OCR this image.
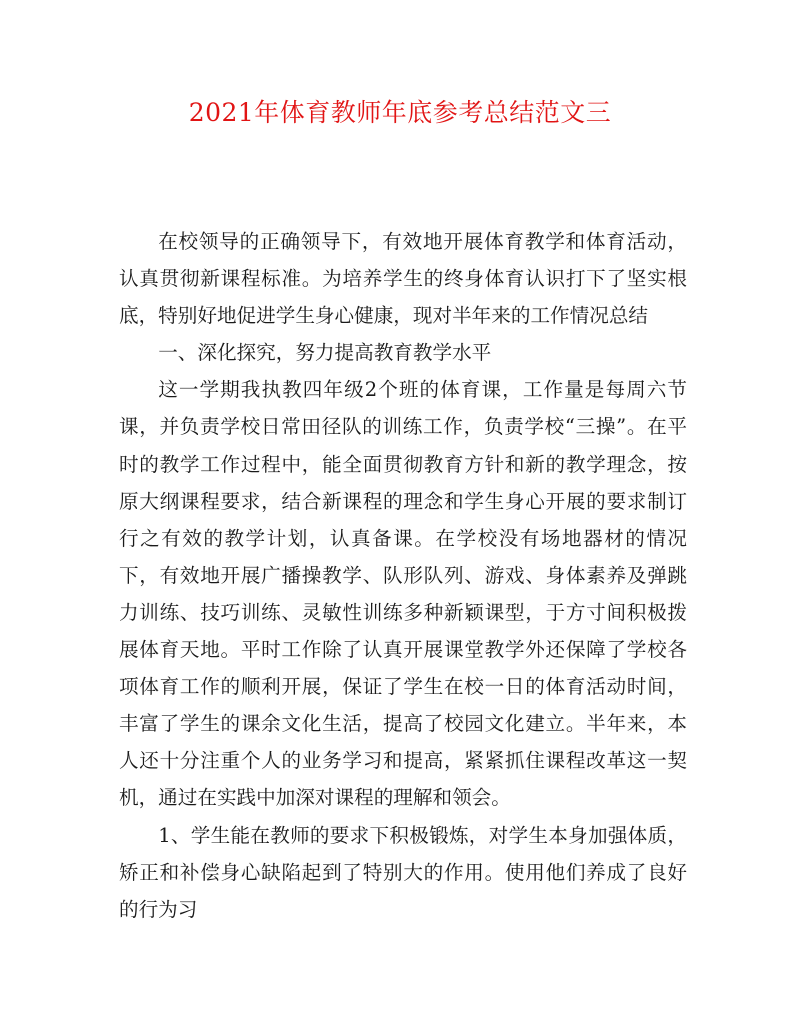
2021年体育教师年底参考总结范文三

在校领导的正确领导下，有效地开展体育教学和体育活动，认真贯彻新课程标准。为培养学生的终身体育认识打下了坚实根底，特别好地促进学生身心健康，现对半年来的工作情况总结

一、深化探究，努力提高教育教学水平

这一学期我执教四年级2个班的体育课，工作量是每周六节课，并负责学校日常田径队的训练工作，负责学校“三操”。在平时的教学工作过程中，能全面贯彻教育方针和新的教学理念，按原大纲课程要求，结合新课程的理念和学生身心开展的要求制订行之有效的教学计划，认真备课。在学校没有场地器材的情况下，有效地开展广播操教学、队形队列、游戏、身体素养及弹跳力训练、技巧训练、灵敏性训练多种新颖课型，于方寸间积极拨展体育天地。平时工作除了认真开展课堂教学外还保障了学校各项体育工作的顺利开展，保证了学生在校一日的体育活动时间，丰富了学生的课余文化生活，提高了校园文化建立。半年来，本人还十分注重个人的业务学习和提高，紧紧抓住课程改革这一契机，通过在实践中加深对课程的理解和领会。

1、学生能在教师的要求下积极锻炼，对学生本身加强体质，矫正和补偿身心缺陷起到了特别大的作用。使用他们养成了良好的行为习
